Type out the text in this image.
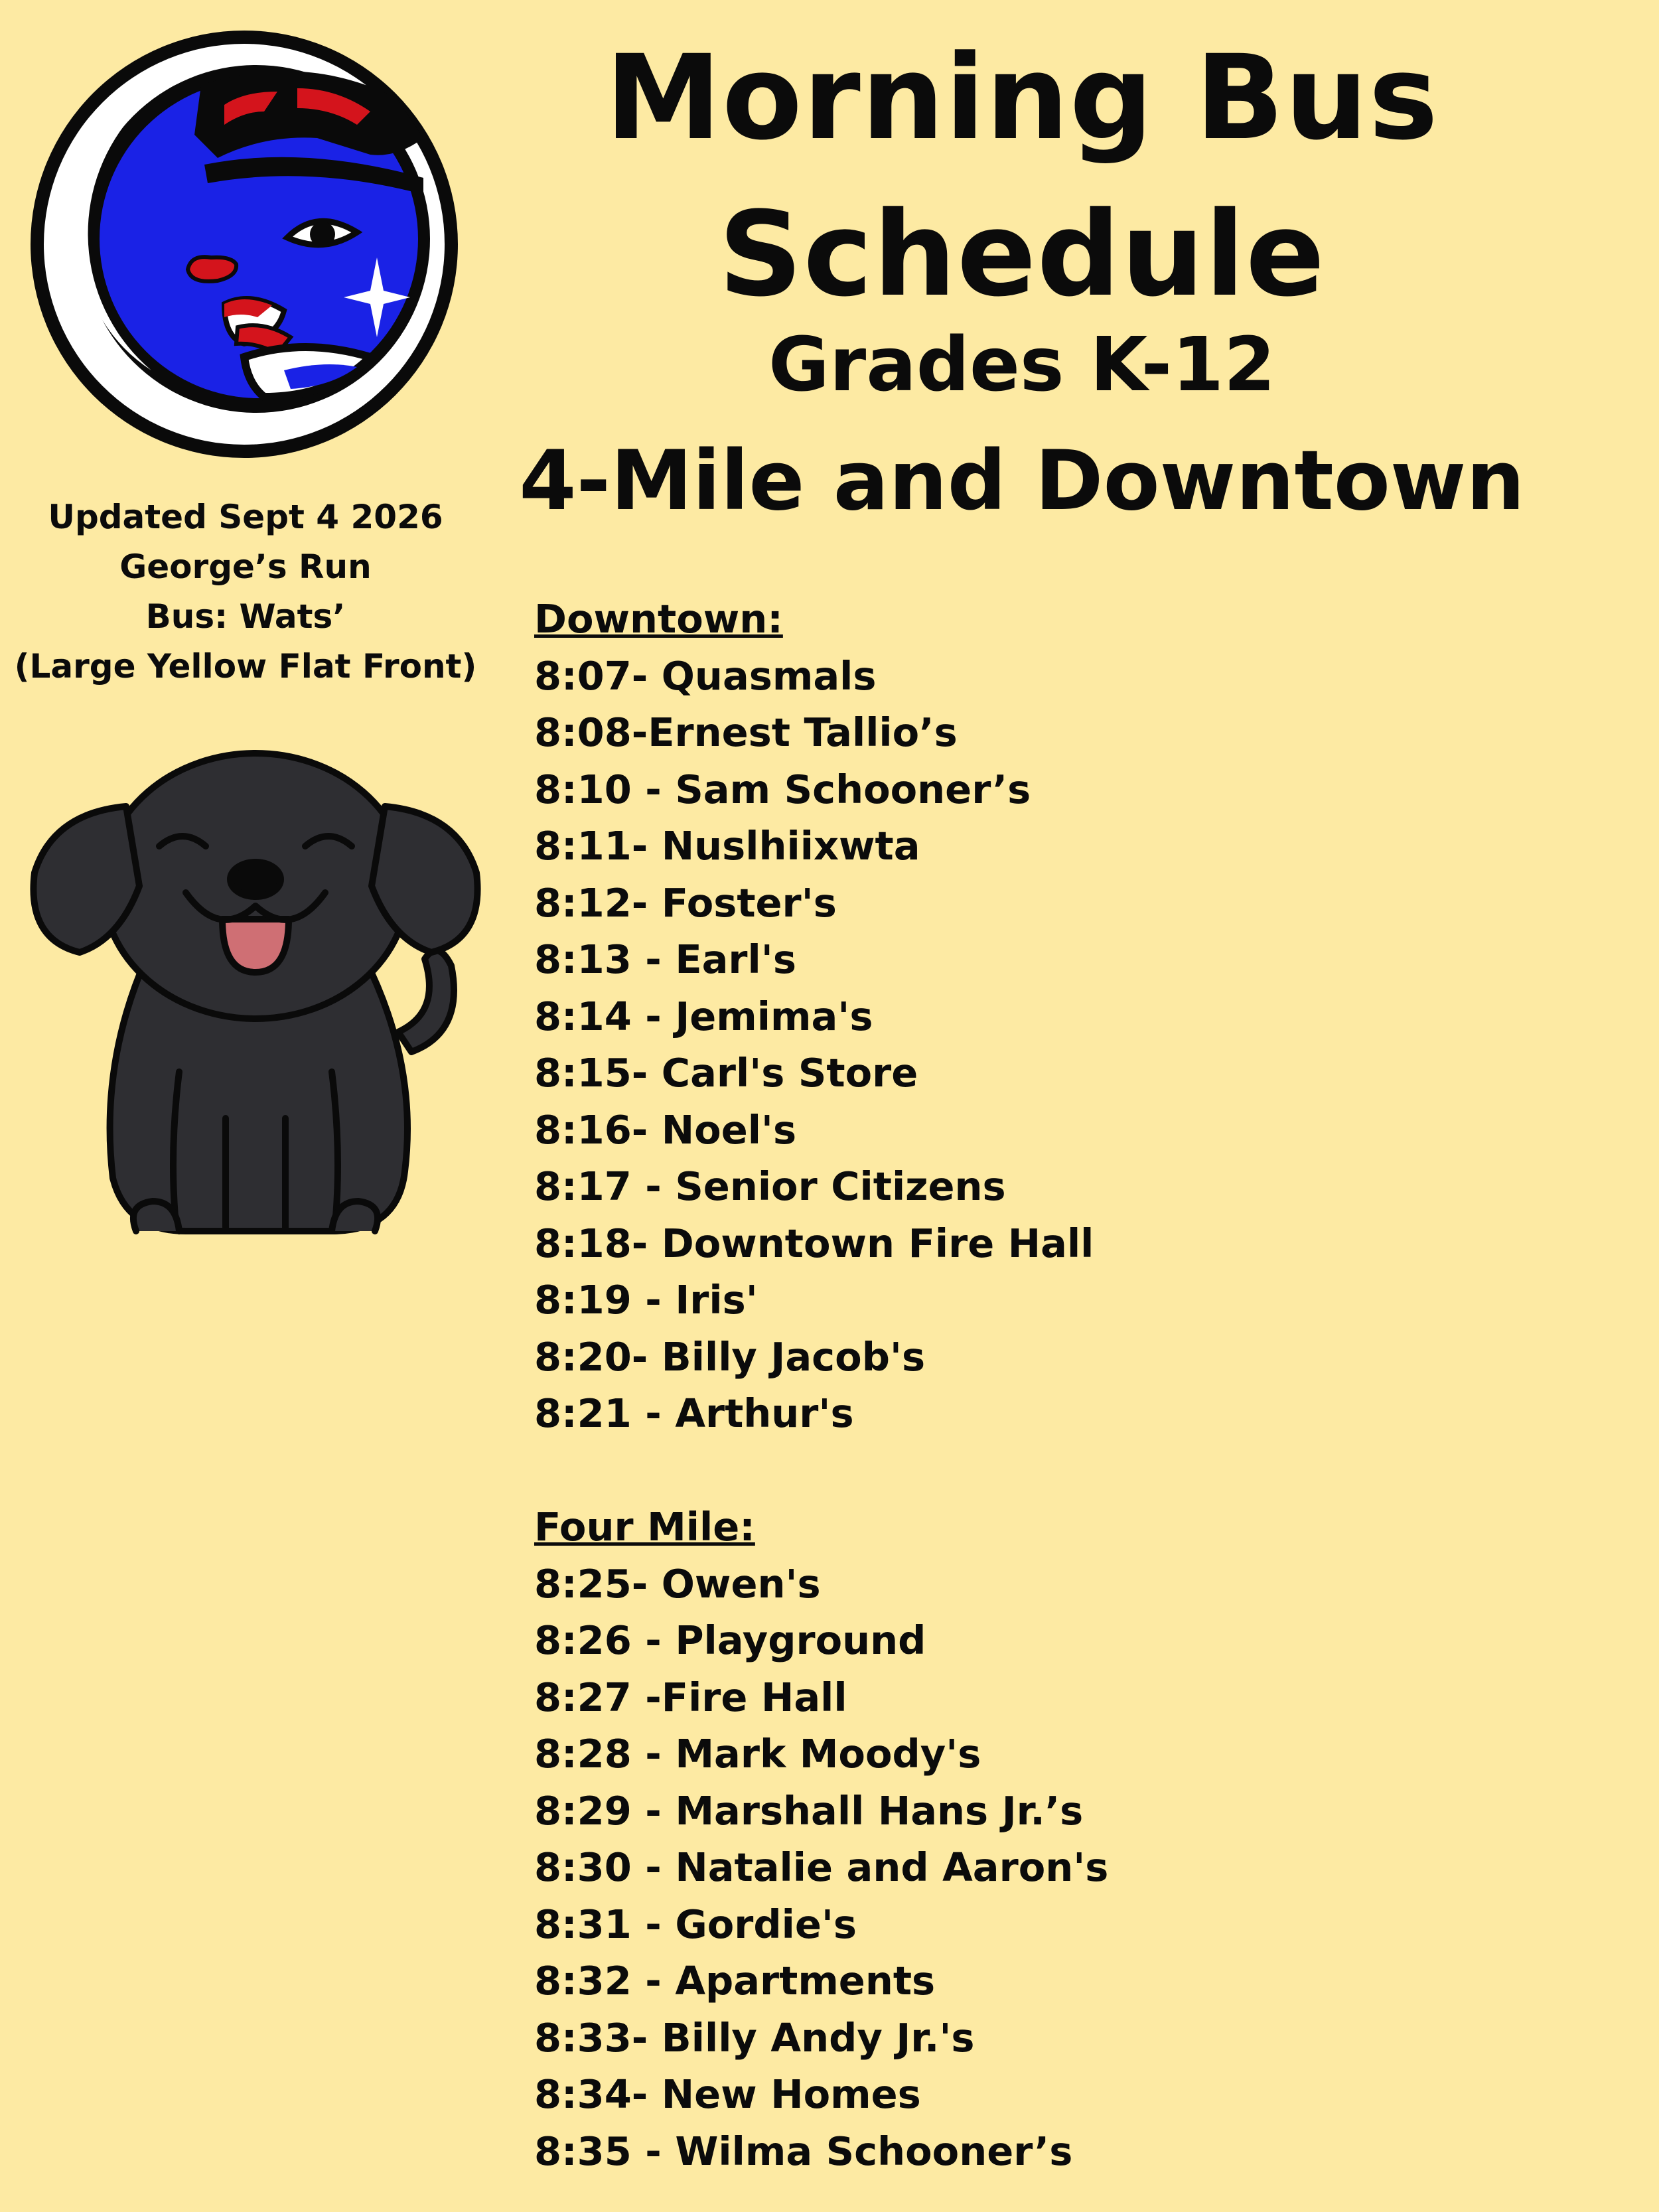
Morning Bus
Schedule
Grades K-12
4-Mile and Downtown
Updated Sept 4 2026
George’s Run
Bus: Wats’
(Large Yellow Flat Front)
Downtown:
8:07- Quasmals
8:08-Ernest Tallio’s
8:10 - Sam Schooner’s
8:11- Nuslhiixwta
8:12- Foster's
8:13 - Earl's
8:14 - Jemima's
8:15- Carl's Store
8:16- Noel's
8:17 - Senior Citizens
8:18- Downtown Fire Hall
8:19 - Iris'
8:20- Billy Jacob's
8:21 - Arthur's
Four Mile:
8:25- Owen's
8:26 - Playground
8:27 -Fire Hall
8:28 - Mark Moody's
8:29 - Marshall Hans Jr.’s
8:30 - Natalie and Aaron's
8:31 - Gordie's
8:32 - Apartments
8:33- Billy Andy Jr.'s
8:34- New Homes
8:35 - Wilma Schooner’s
